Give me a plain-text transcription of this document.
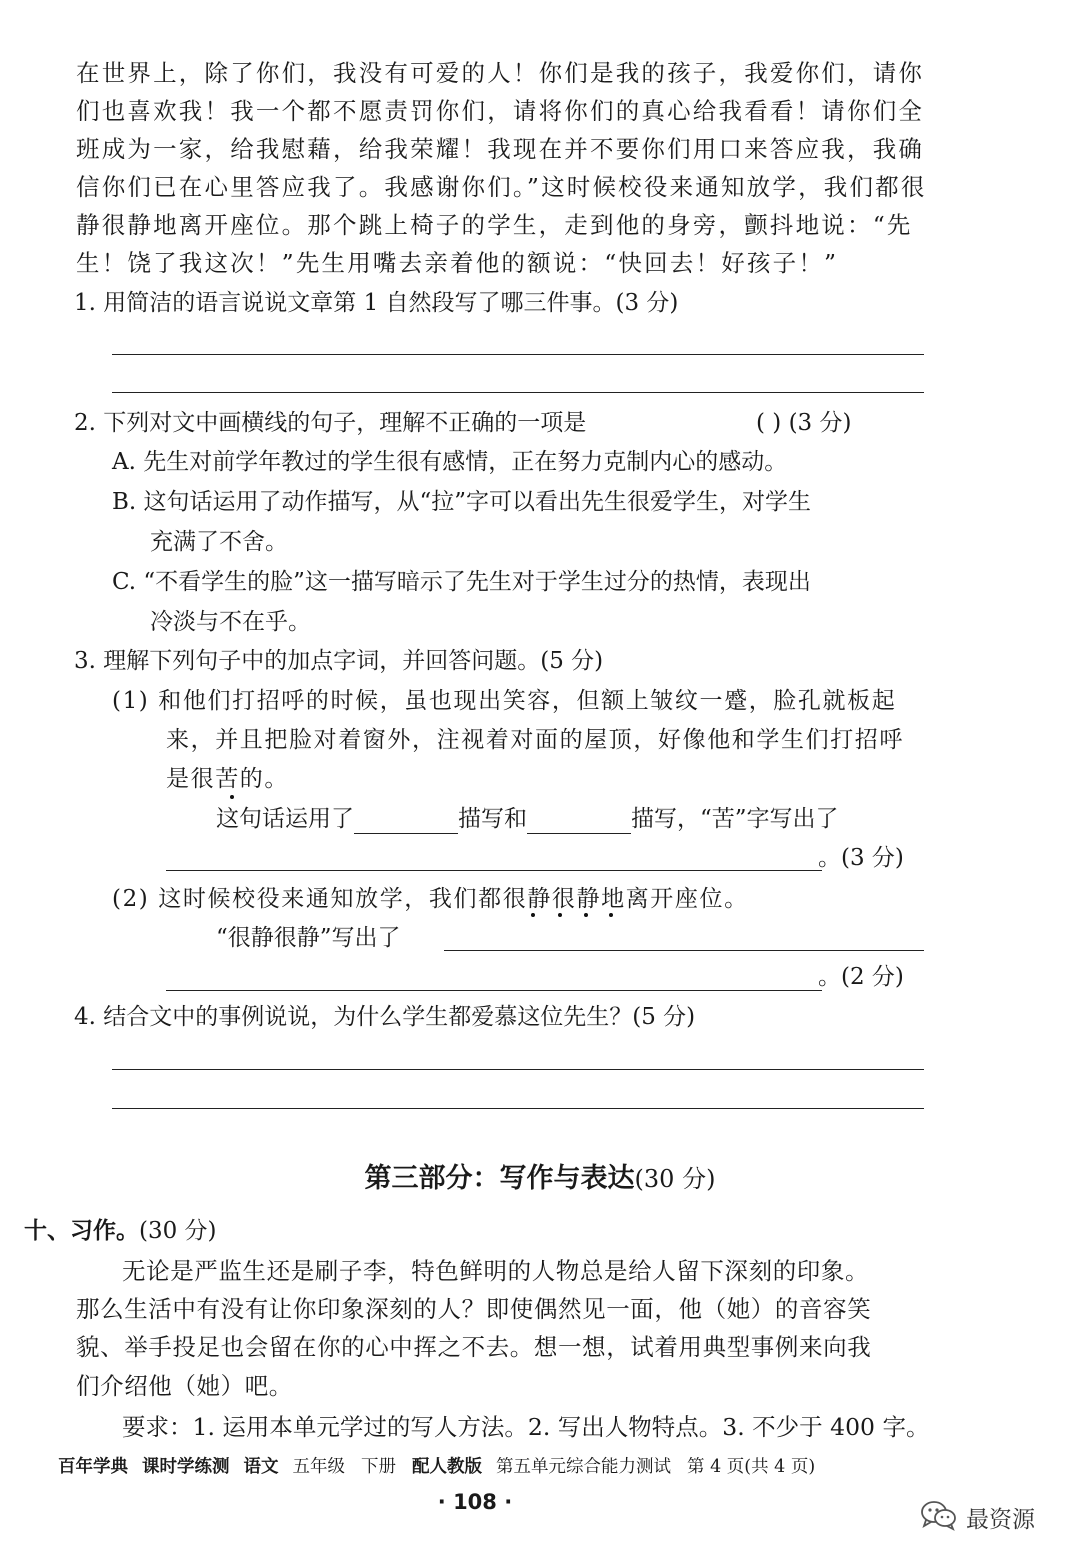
在世界上，除了你们，我没有可爱的人！你们是我的孩子，我爱你们，请你
们也喜欢我！我一个都不愿责罚你们，请将你们的真心给我看看！请你们全
班成为一家，给我慰藉，给我荣耀！我现在并不要你们用口来答应我，我确
信你们已在心里答应我了。我感谢你们。”这时候校役来通知放学，我们都很
静很静地离开座位。那个跳上椅子的学生，走到他的身旁，颤抖地说：“先
生！饶了我这次！”先生用嘴去亲着他的额说：“快回去！好孩子！”
1. 用简洁的语言说说文章第 1 自然段写了哪三件事。(3 分)
2. 下列对文中画横线的句子，理解不正确的一项是	( ) (3 分)
A. 先生对前学年教过的学生很有感情，正在努力克制内心的感动。
B. 这句话运用了动作描写，从“拉”字可以看出先生很爱学生，对学生
充满了不舍。
C. “不看学生的脸”这一描写暗示了先生对于学生过分的热情，表现出
冷淡与不在乎。
3. 理解下列句子中的加点字词，并回答问题。(5 分)
(1) 和他们打招呼的时候，虽也现出笑容，但额上皱纹一蹙，脸孔就板起
来，并且把脸对着窗外，注视着对面的屋顶，好像他和学生们打招呼
是很苦的。
这句话运用了	描写和	描写，“苦”字写出了
。(3 分)
(2) 这时候校役来通知放学，我们都很静很静地离开座位。
“很静很静”写出了
。(2 分)
4. 结合文中的事例说说，为什么学生都爱慕这位先生？(5 分)
第三部分：写作与表达(30 分)
十、习作。(30 分)
无论是严监生还是刷子李，特色鲜明的人物总是给人留下深刻的印象。
那么生活中有没有让你印象深刻的人？即使偶然见一面，他（她）的音容笑
貌、举手投足也会留在你的心中挥之不去。想一想，试着用典型事例来向我
们介绍他（她）吧。
要求：1. 运用本单元学过的写人方法。2. 写出人物特点。3. 不少于 400 字。
百年学典 课时学练测 语文 五年级 下册 配人教版 第五单元综合能力测试 第 4 页(共 4 页)
· 108 ·
最资源
